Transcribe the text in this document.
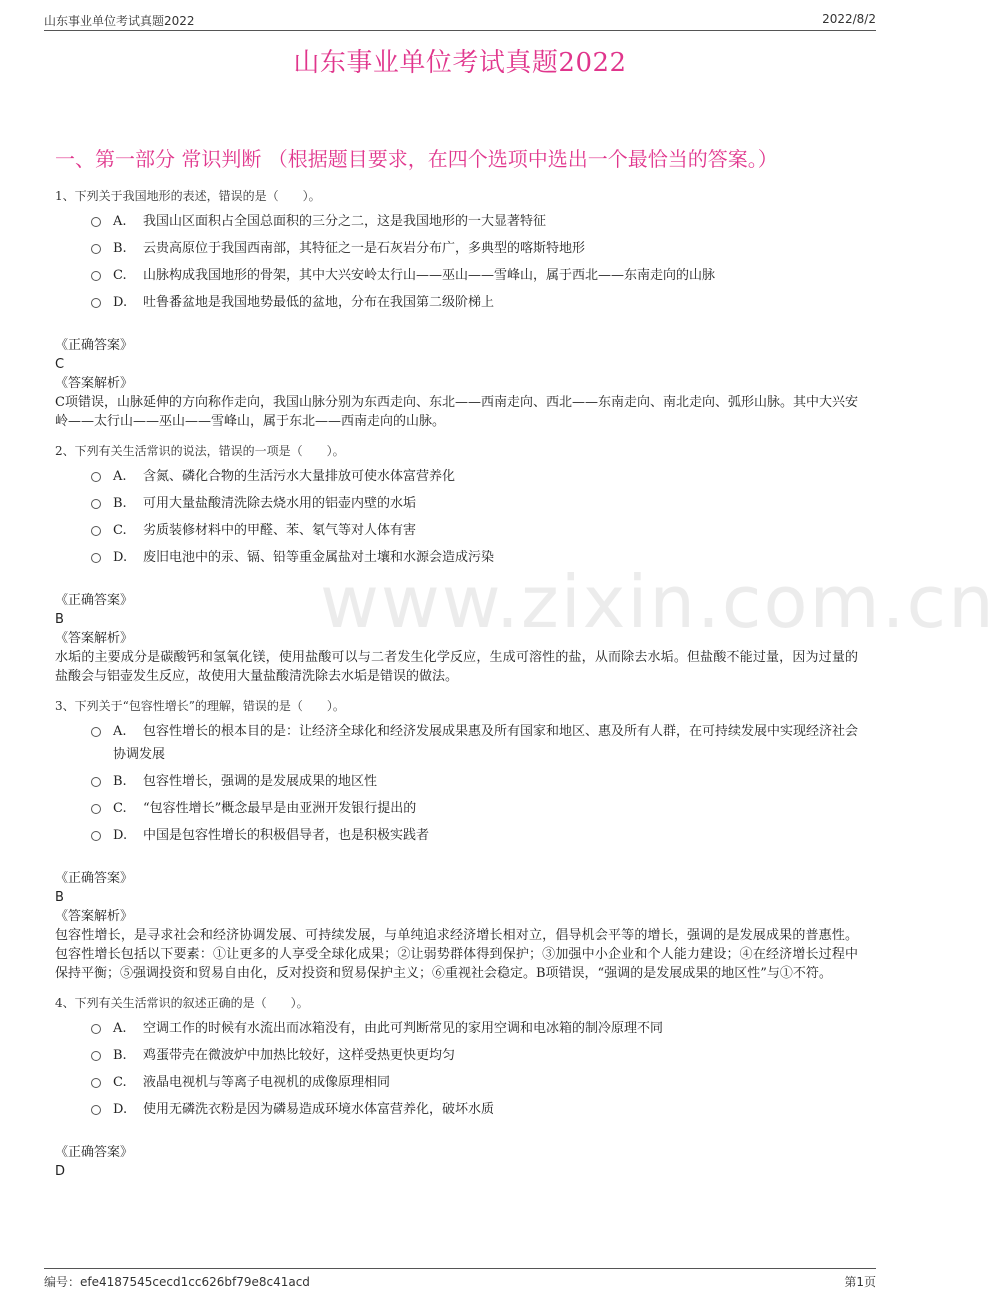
山东事业单位考试真题2022	2022/8/2
www.zixin.com.cn
山东事业单位考试真题2022
一、第一部分 常识判断 （根据题目要求，在四个选项中选出一个最恰当的答案。）
1、下列关于我国地形的表述，错误的是（　　）。
A. 我国山区面积占全国总面积的三分之二，这是我国地形的一大显著特征
B. 云贵高原位于我国西南部，其特征之一是石灰岩分布广，多典型的喀斯特地形
C. 山脉构成我国地形的骨架，其中大兴安岭太行山——巫山——雪峰山，属于西北——东南走向的山脉
D. 吐鲁番盆地是我国地势最低的盆地，分布在我国第二级阶梯上
《正确答案》
C
《答案解析》
C项错误，山脉延伸的方向称作走向，我国山脉分别为东西走向、东北——西南走向、西北——东南走向、南北走向、弧形山脉。其中大兴安岭——太行山——巫山——雪峰山，属于东北——西南走向的山脉。
2、下列有关生活常识的说法，错误的一项是（　　）。
A. 含氮、磷化合物的生活污水大量排放可使水体富营养化
B. 可用大量盐酸清洗除去烧水用的铝壶内壁的水垢
C. 劣质装修材料中的甲醛、苯、氡气等对人体有害
D. 废旧电池中的汞、镉、铅等重金属盐对土壤和水源会造成污染
《正确答案》
B
《答案解析》
水垢的主要成分是碳酸钙和氢氧化镁，使用盐酸可以与二者发生化学反应，生成可溶性的盐，从而除去水垢。但盐酸不能过量，因为过量的盐酸会与铝壶发生反应，故使用大量盐酸清洗除去水垢是错误的做法。
3、下列关于“包容性增长”的理解，错误的是（　　）。
A. 包容性增长的根本目的是：让经济全球化和经济发展成果惠及所有国家和地区、惠及所有人群，在可持续发展中实现经济社会协调发展
B. 包容性增长，强调的是发展成果的地区性
C. “包容性增长”概念最早是由亚洲开发银行提出的
D. 中国是包容性增长的积极倡导者，也是积极实践者
《正确答案》
B
《答案解析》
包容性增长，是寻求社会和经济协调发展、可持续发展，与单纯追求经济增长相对立，倡导机会平等的增长，强调的是发展成果的普惠性。包容性增长包括以下要素：①让更多的人享受全球化成果；②让弱势群体得到保护；③加强中小企业和个人能力建设；④在经济增长过程中保持平衡；⑤强调投资和贸易自由化，反对投资和贸易保护主义；⑥重视社会稳定。B项错误，“强调的是发展成果的地区性”与①不符。
4、下列有关生活常识的叙述正确的是（　　）。
A. 空调工作的时候有水流出而冰箱没有，由此可判断常见的家用空调和电冰箱的制冷原理不同
B. 鸡蛋带壳在微波炉中加热比较好，这样受热更快更均匀
C. 液晶电视机与等离子电视机的成像原理相同
D. 使用无磷洗衣粉是因为磷易造成环境水体富营养化，破坏水质
《正确答案》
D
编号：efe4187545cecd1cc626bf79e8c41acd	第1页
